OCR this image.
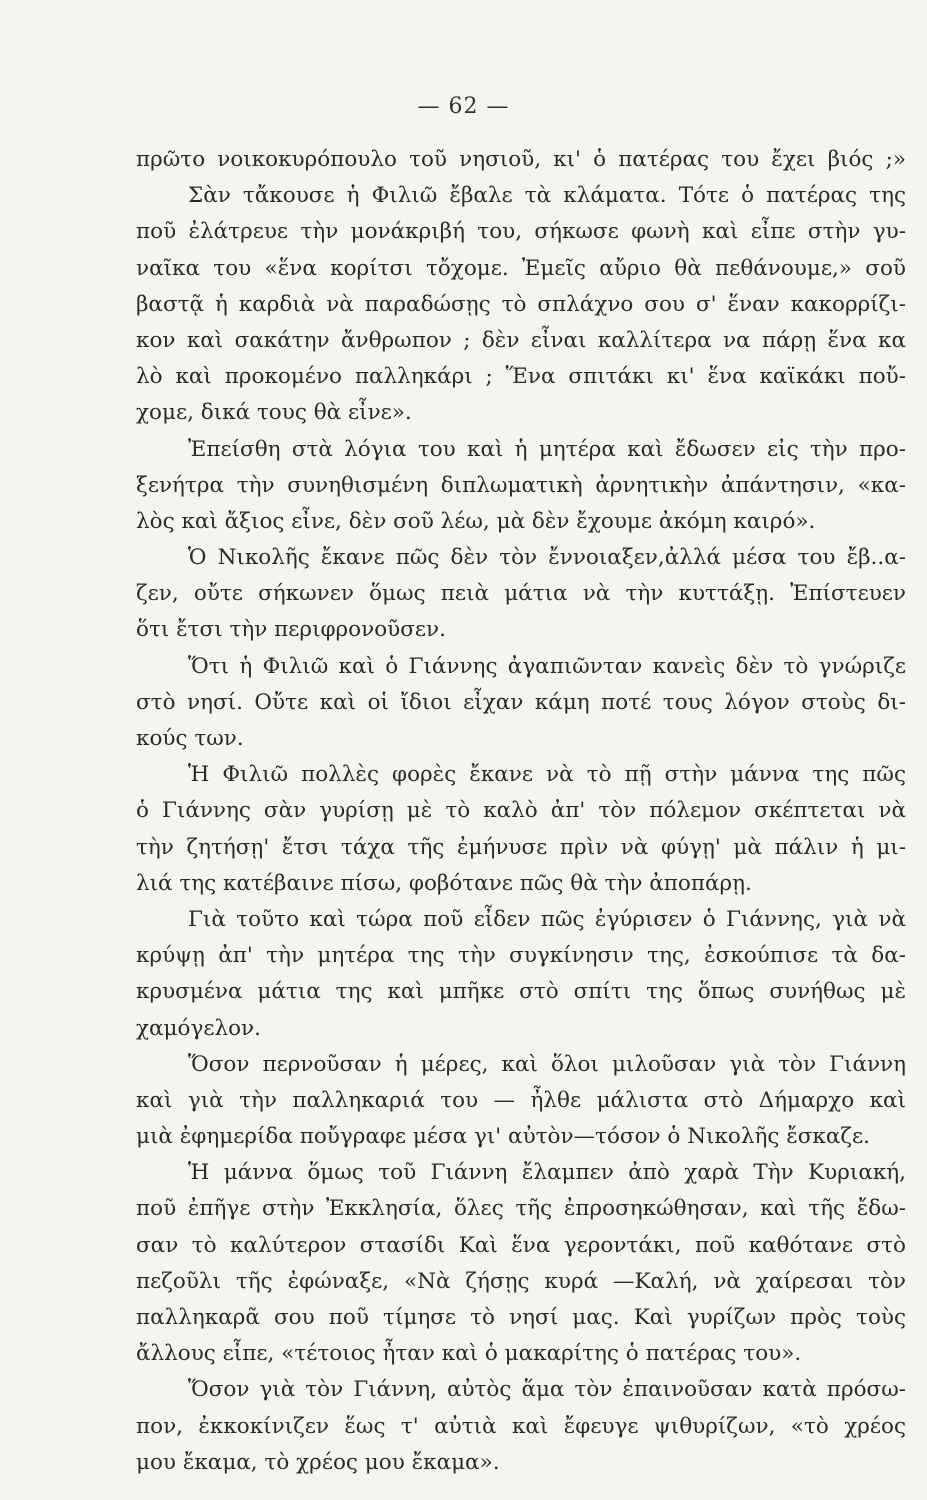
— 62 —
πρῶτο νοικοκυρόπουλο τοῦ νησιοῦ, κι' ὁ πατέρας του ἔχει βιός ;»
Σὰν τἄκουσε ἡ Φιλιῶ ἔβαλε τὰ κλάματα. Τότε ὁ πατέρας της
ποῦ ἐλάτρευε τὴν μονάκριβή του, σήκωσε φωνὴ καὶ εἶπε στὴν γυ-
ναῖκα του «ἕνα κορίτσι τὄχομε. Ἐμεῖς αὔριο θὰ πεθάνουμε,» σοῦ
βαστᾷ ἡ καρδιὰ νὰ παραδώσῃς τὸ σπλάχνο σου σ' ἕναν κακορρίζι-
κον καὶ σακάτην ἄνθρωπον ; δὲν εἶναι καλλίτερα να πάρῃ ἕνα κα
λὸ καὶ προκομένο παλληκάρι ; Ἕνα σπιτάκι κι' ἕνα καϊκάκι ποὔ-
χομε, δικά τους θὰ εἶνε».
Ἐπείσθη στὰ λόγια του καὶ ἡ μητέρα καὶ ἔδωσεν εἰς τὴν προ-
ξενήτρα τὴν συνηθισμένη διπλωματικὴ ἀρνητικὴν ἀπάντησιν, «κα-
λὸς καὶ ἄξιος εἶνε, δὲν σοῦ λέω, μὰ δὲν ἔχουμε ἀκόμη καιρό».
Ὁ Νικολῆς ἔκανε πῶς δὲν τὸν ἔννοιαξεν,ἀλλά μέσα του ἔβ..α-
ζεν, οὔτε σήκωνεν ὅμως πειὰ μάτια νὰ τὴν κυττάξῃ. Ἐπίστευεν
ὅτι ἔτσι τὴν περιφρονοῦσεν.
Ὅτι ἡ Φιλιῶ καὶ ὁ Γιάννης ἀγαπιῶνταν κανεὶς δὲν τὸ γνώριζε
στὸ νησί. Οὔτε καὶ οἱ ἴδιοι εἶχαν κάμη ποτέ τους λόγον στοὺς δι-
κούς των.
Ἡ Φιλιῶ πολλὲς φορὲς ἔκανε νὰ τὸ πῇ στὴν μάννα της πῶς
ὁ Γιάννης σὰν γυρίσῃ μὲ τὸ καλὸ ἀπ' τὸν πόλεμον σκέπτεται νὰ
τὴν ζητήσῃ' ἔτσι τάχα τῆς ἐμήνυσε πρὶν νὰ φύγῃ' μὰ πάλιν ἡ μι-
λιά της κατέβαινε πίσω, φοβότανε πῶς θὰ τὴν ἀποπάρῃ.
Γιὰ τοῦτο καὶ τώρα ποῦ εἶδεν πῶς ἐγύρισεν ὁ Γιάννης, γιὰ νὰ
κρύψῃ ἀπ' τὴν μητέρα της τὴν συγκίνησιν της, ἐσκούπισε τὰ δα-
κρυσμένα μάτια της καὶ μπῆκε στὸ σπίτι της ὅπως συνήθως μὲ
χαμόγελον.
Ὅσον περνοῦσαν ἡ μέρες, καὶ ὅλοι μιλοῦσαν γιὰ τὸν Γιάννη
καὶ γιὰ τὴν παλληκαριά του — ἦλθε μάλιστα στὸ Δήμαρχο καὶ
μιὰ ἐφημερίδα ποὔγραφε μέσα γι' αὐτὸν—τόσον ὁ Νικολῆς ἔσκαζε.
Ἡ μάννα ὅμως τοῦ Γιάννη ἔλαμπεν ἀπὸ χαρὰ Τὴν Κυριακή,
ποῦ ἐπῆγε στὴν Ἐκκλησία, ὅλες τῆς ἐπροσηκώθησαν, καὶ τῆς ἔδω-
σαν τὸ καλύτερον στασίδι Καὶ ἕνα γεροντάκι, ποῦ καθότανε στὸ
πεζοῦλι τῆς ἐφώναξε, «Νὰ ζήσῃς κυρά —Καλή, νὰ χαίρεσαι τὸν
παλληκαρᾶ σου ποῦ τίμησε τὸ νησί μας. Καὶ γυρίζων πρὸς τοὺς
ἄλλους εἶπε, «τέτοιος ἦταν καὶ ὁ μακαρίτης ὁ πατέρας του».
Ὅσον γιὰ τὸν Γιάννη, αὐτὸς ἅμα τὸν ἐπαινοῦσαν κατὰ πρόσω-
πον, ἐκκοκίνιζεν ἕως τ' αὐτιὰ καὶ ἔφευγε ψιθυρίζων, «τὸ χρέος
μου ἔκαμα, τὸ χρέος μου ἔκαμα».
